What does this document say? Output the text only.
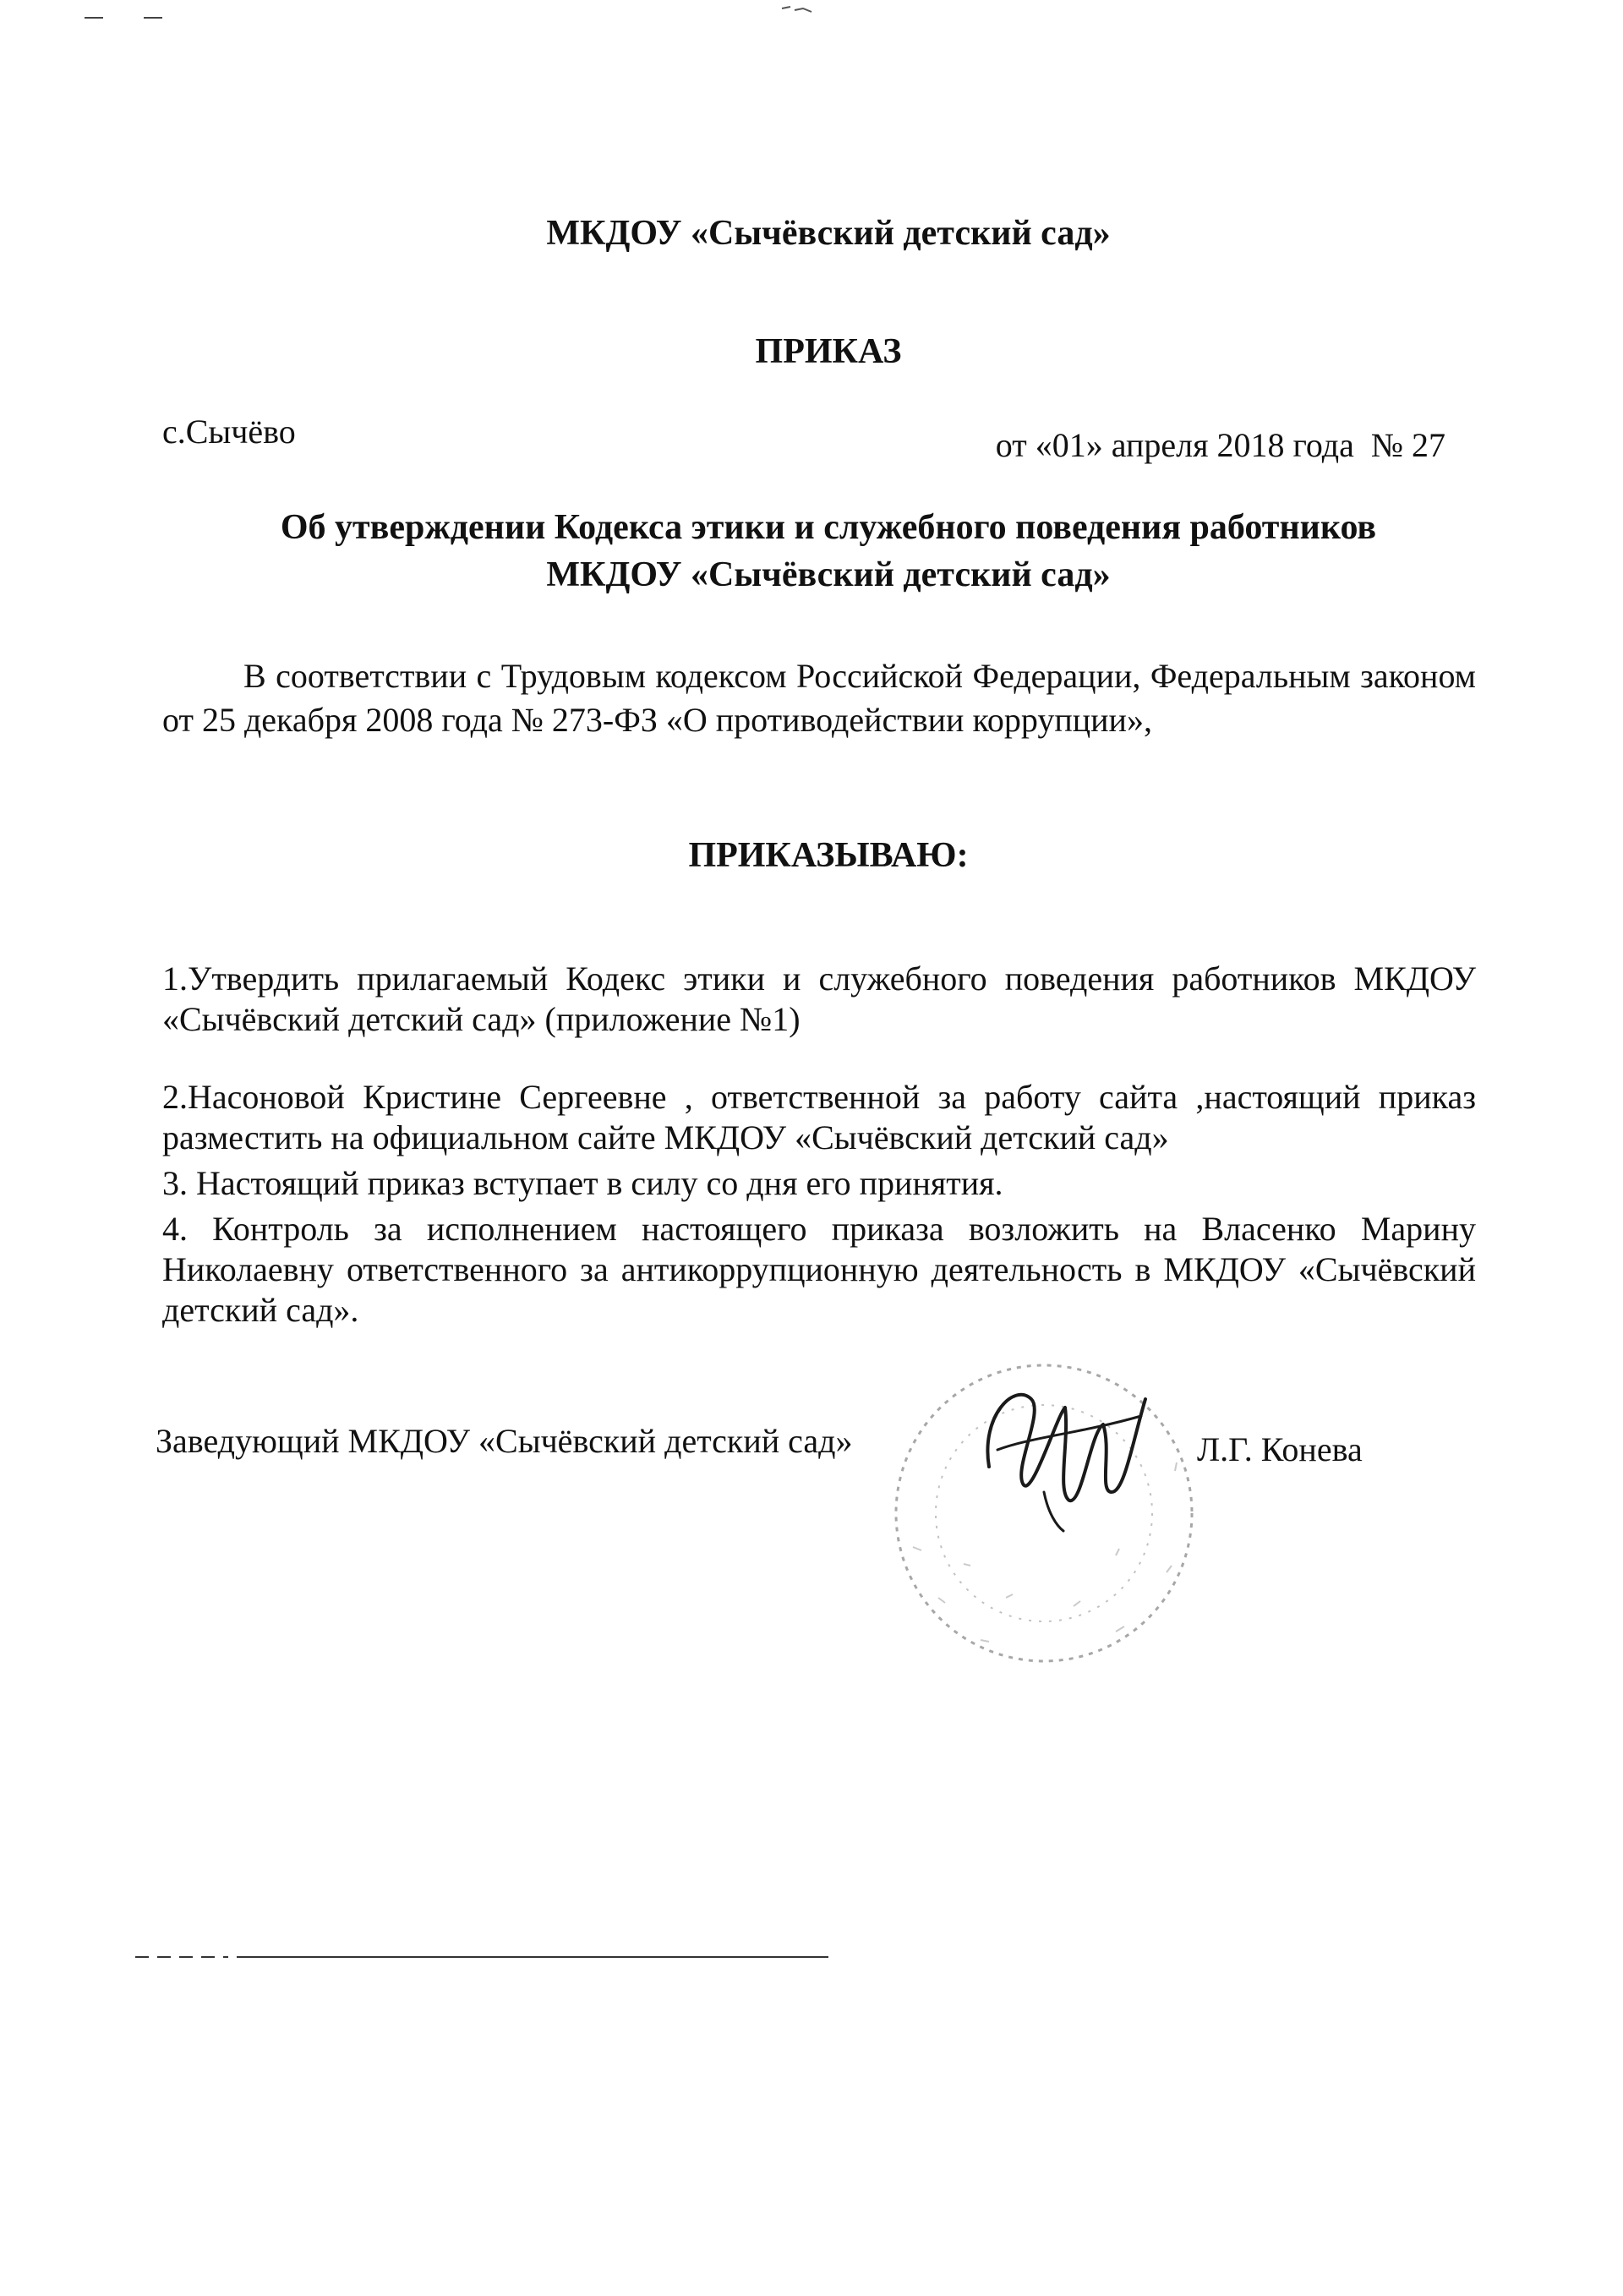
МКДОУ «Сычёвский детский сад»
ПРИКАЗ
с.Сычёво	от «01» апреля 2018 года  № 27
Об утверждении Кодекса этики и служебного поведения работников
МКДОУ «Сычёвский детский сад»
В соответствии с Трудовым кодексом Российской Федерации, Федеральным законом от 25 декабря 2008 года № 273-ФЗ «О противодействии коррупции»,
ПРИКАЗЫВАЮ:

1.Утвердить прилагаемый Кодекс этики и служебного поведения работников МКДОУ «Сычёвский детский сад» (приложение №1)

2.Насоновой Кристине Сергеевне , ответственной за работу сайта ,настоящий приказ разместить на официальном сайте МКДОУ «Сычёвский детский сад»

3. Настоящий приказ вступает в силу со дня его принятия.

4. Контроль за исполнением настоящего приказа возложить на Власенко Марину Николаевну ответственного за антикоррупционную деятельность в МКДОУ «Сычёвский детский сад».

Заведующий МКДОУ «Сычёвский детский сад»	Л.Г. Конева
